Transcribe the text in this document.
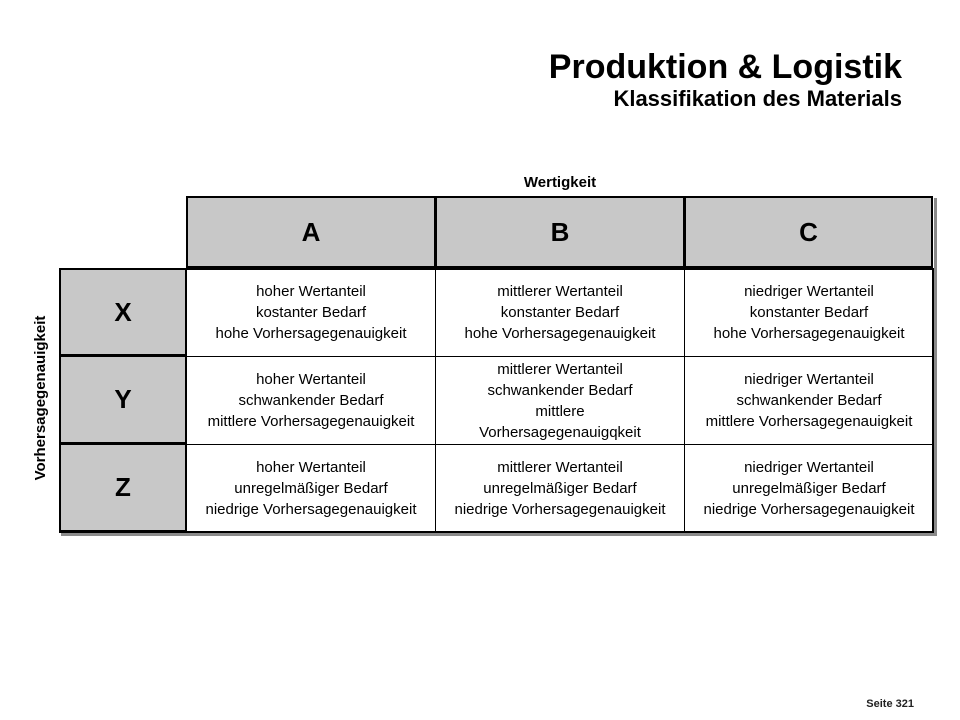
Produktion & Logistik
Klassifikation des Materials
Wertigkeit
Vorhersagegenauigkeit
A	B	C
X
hoher Wertanteil
kostanter Bedarf
hohe Vorhersagegenauigkeit
mittlerer Wertanteil
konstanter Bedarf
hohe Vorhersagegenauigkeit
niedriger Wertanteil
konstanter Bedarf
hohe Vorhersagegenauigkeit
Y
hoher Wertanteil
schwankender Bedarf
mittlere Vorhersagegenauigkeit
mittlerer Wertanteil
schwankender Bedarf
mittlere
Vorhersagegenauigqkeit
niedriger Wertanteil
schwankender Bedarf
mittlere Vorhersagegenauigkeit
Z
hoher Wertanteil
unregelmäßiger Bedarf
niedrige Vorhersagegenauigkeit
mittlerer Wertanteil
unregelmäßiger Bedarf
niedrige Vorhersagegenauigkeit
niedriger Wertanteil
unregelmäßiger Bedarf
niedrige Vorhersagegenauigkeit
Seite 321
